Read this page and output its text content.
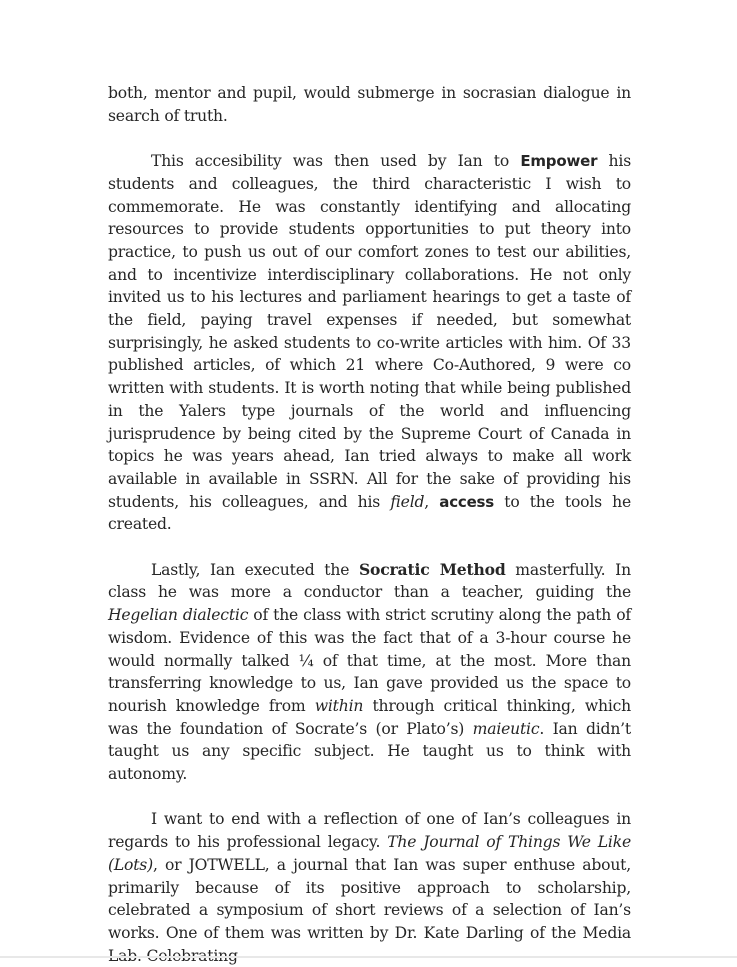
both, mentor and pupil, would submerge in socrasian dialogue in search of truth.

This accesibility was then used by Ian to Empower his students and colleagues, the third characteristic I wish to commemorate. He was constantly identifying and allocating resources to provide students opportunities to put theory into practice, to push us out of our comfort zones to test our abilities, and to incentivize interdisciplinary collaborations. He not only invited us to his lectures and parliament hearings to get a taste of the field, paying travel expenses if needed, but somewhat surprisingly, he asked students to co-write articles with him. Of 33 published articles, of which 21 where Co-Authored, 9 were co written with students. It is worth noting that while being published in the Yalers type journals of the world and influencing jurisprudence by being cited by the Supreme Court of Canada in topics he was years ahead, Ian tried always to make all work available in available in SSRN. All for the sake of providing his students, his colleagues, and his field, access to the tools he created.

Lastly, Ian executed the Socratic Method masterfully. In class he was more a conductor than a teacher, guiding the Hegelian dialectic of the class with strict scrutiny along the path of wisdom. Evidence of this was the fact that of a 3-hour course he would normally talked ¼ of that time, at the most. More than transferring knowledge to us, Ian gave provided us the space to nourish knowledge from within through critical thinking, which was the foundation of Socrate’s (or Plato’s) maieutic. Ian didn’t taught us any specific subject. He taught us to think with autonomy.

I want to end with a reflection of one of Ian’s colleagues in regards to his professional legacy. The Journal of Things We Like (Lots), or JOTWELL, a journal that Ian was super enthuse about, primarily because of its positive approach to scholarship, celebrated a symposium of short reviews of a selection of Ian’s works. One of them was written by Dr. Kate Darling of the Media
